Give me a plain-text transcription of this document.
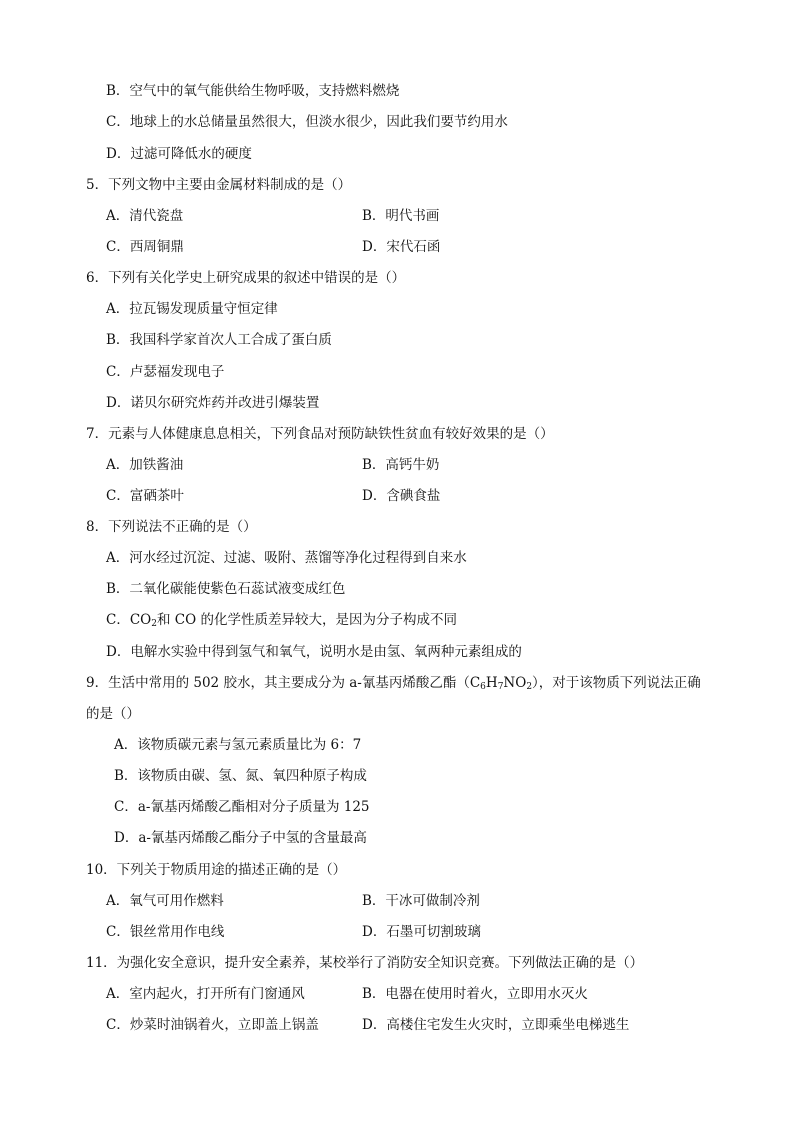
B．空气中的氧气能供给生物呼吸，支持燃料燃烧
C．地球上的水总储量虽然很大，但淡水很少，因此我们要节约用水
D．过滤可降低水的硬度
5．下列文物中主要由金属材料制成的是（）
A．清代瓷盘	B．明代书画
C．西周铜鼎	D．宋代石函
6．下列有关化学史上研究成果的叙述中错误的是（）
A．拉瓦锡发现质量守恒定律
B．我国科学家首次人工合成了蛋白质
C．卢瑟福发现电子
D．诺贝尔研究炸药并改进引爆装置
7．元素与人体健康息息相关，下列食品对预防缺铁性贫血有较好效果的是（）
A．加铁酱油	B．高钙牛奶
C．富硒茶叶	D．含碘食盐
8．下列说法不正确的是（）
A．河水经过沉淀、过滤、吸附、蒸馏等净化过程得到自来水
B．二氧化碳能使紫色石蕊试液变成红色
C．$CO_2$和 CO 的化学性质差异较大，是因为分子构成不同
D．电解水实验中得到氢气和氧气，说明水是由氢、氧两种元素组成的
9．生活中常用的 502 胶水，其主要成分为 a-氰基丙烯酸乙酯$(C_6H_7NO_2)$，对于该物质下列说法正确
的是（）
A．该物质碳元素与氢元素质量比为 6：7
B．该物质由碳、氢、氮、氧四种原子构成
C．a-氰基丙烯酸乙酯相对分子质量为 125
D．a-氰基丙烯酸乙酯分子中氢的含量最高
10．下列关于物质用途的描述正确的是（）
A．氧气可用作燃料	B．干冰可做制冷剂
C．银丝常用作电线	D．石墨可切割玻璃
11．为强化安全意识，提升安全素养，某校举行了消防安全知识竞赛。下列做法正确的是（）
A．室内起火，打开所有门窗通风	B．电器在使用时着火，立即用水灭火
C．炒菜时油锅着火，立即盖上锅盖	D．高楼住宅发生火灾时，立即乘坐电梯逃生
